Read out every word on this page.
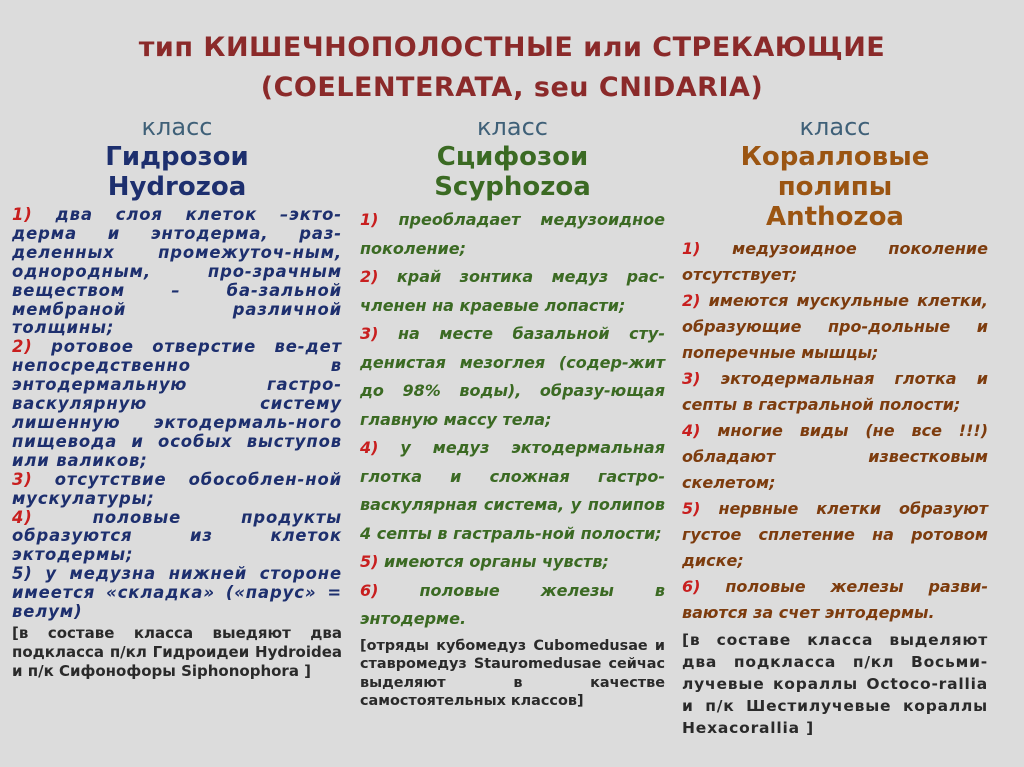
тип КИШЕЧНОПОЛОСТНЫЕ или СТРЕКАЮЩИЕ
(COELENTERATA, seu CNIDARIA)
класс
Гидрозои
Hydrozoa
1) два слоя клеток –экто-дерма и энтодерма, раз-деленных промежуточ-ным, однородным, про-зрачным веществом – ба-зальной мембраной различной толщины;
2) ротовое отверстие ве-дет непосредственно в энтодермальную гастро-васкулярную систему лишенную эктодермаль-ного пищевода и особых выступов или валиков;
3) отсутствие обособлен-ной мускулатуры;
4)	половые продукты образуются из клеток эктодермы;
5) у медузна нижней стороне имеется «складка» («парус» = велум)
[в составе класса выедяют два подкласса п/кл Гидроидеи Hydroidea и п/к Сифонофоры Siphonophora ]
класс
Сцифозои
Scyphozoa
1) преобладает медузоидное поколение;
2) край зонтика медуз рас-членен на краевые лопасти;
3) на месте базальной сту-денистая мезоглея (содер-жит до 98% воды), образу-ющая главную массу тела;
4) у медуз эктодермальная глотка и сложная гастро-васкулярная система, у полипов 4 септы в гастраль-ной полости;
5) имеются органы чувств;
6)	половые железы в энтодерме.
[отряды кубомедуз Cubomedusae и ставромедуз Stauromedusae сейчас выделяют в качестве самостоятельных классов]
класс
Коралловые полипы
Anthozoa
1) медузоидное поколение отсутствует;
2) имеются мускульные клетки, образующие про-дольные и поперечные мышцы;
3) эктодермальная глотка и септы в гастральной полости;
4) многие виды (не все !!!) обладают известковым скелетом;
5) нервные клетки образуют густое сплетение на ротовом диске;
6) половые железы разви-ваются за счет энтодермы.
[в составе класса выделяют два подкласса п/кл Восьми-лучевые кораллы Octoco-rallia и п/к Шестилучевые кораллы Hexacorallia ]
